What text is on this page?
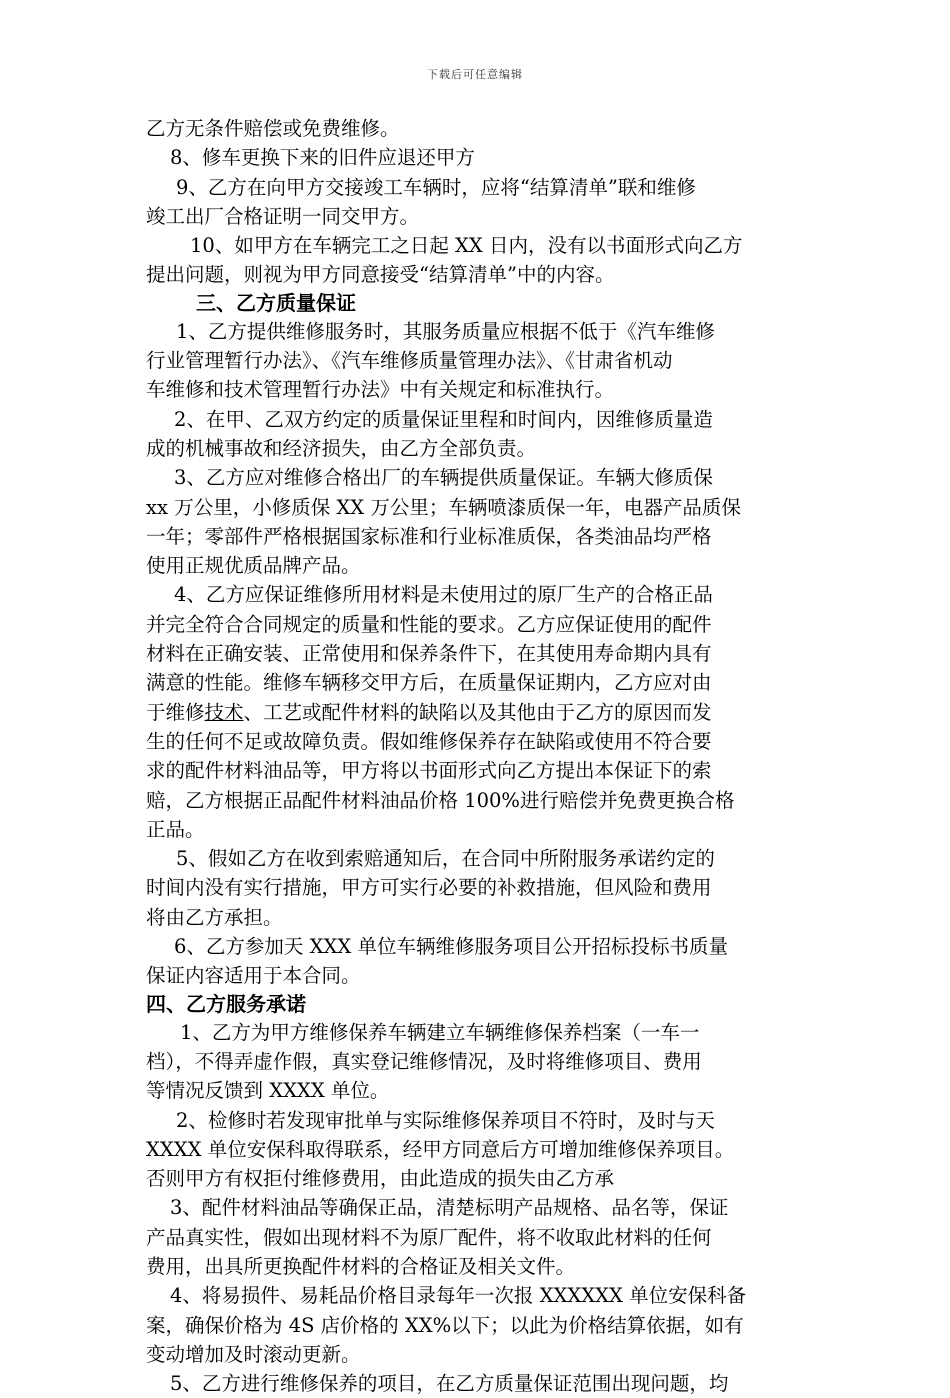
下载后可任意编辑
乙方无条件赔偿或免费维修。
8、修车更换下来的旧件应退还甲方
9、乙方在向甲方交接竣工车辆时，应将“结算清单”联和维修
竣工出厂合格证明一同交甲方。
10、如甲方在车辆完工之日起 XX 日内，没有以书面形式向乙方
提出问题，则视为甲方同意接受“结算清单”中的内容。
三、乙方质量保证
1、乙方提供维修服务时，其服务质量应根据不低于《汽车维修
行业管理暂行办法》、《汽车维修质量管理办法》、《甘肃省机动
车维修和技术管理暂行办法》中有关规定和标准执行。
2、在甲、乙双方约定的质量保证里程和时间内，因维修质量造
成的机械事故和经济损失，由乙方全部负责。
3、乙方应对维修合格出厂的车辆提供质量保证。车辆大修质保
xx 万公里，小修质保 XX 万公里；车辆喷漆质保一年，电器产品质保
一年；零部件严格根据国家标准和行业标准质保，各类油品均严格
使用正规优质品牌产品。
4、乙方应保证维修所用材料是未使用过的原厂生产的合格正品
并完全符合合同规定的质量和性能的要求。乙方应保证使用的配件
材料在正确安装、正常使用和保养条件下，在其使用寿命期内具有
满意的性能。维修车辆移交甲方后，在质量保证期内，乙方应对由
于维修技术、工艺或配件材料的缺陷以及其他由于乙方的原因而发
生的任何不足或故障负责。假如维修保养存在缺陷或使用不符合要
求的配件材料油品等，甲方将以书面形式向乙方提出本保证下的索
赔，乙方根据正品配件材料油品价格 100%进行赔偿并免费更换合格
正品。
5、假如乙方在收到索赔通知后，在合同中所附服务承诺约定的
时间内没有实行措施，甲方可实行必要的补救措施，但风险和费用
将由乙方承担。
6、乙方参加天 XXX 单位车辆维修服务项目公开招标投标书质量
保证内容适用于本合同。
四、乙方服务承诺
1、乙方为甲方维修保养车辆建立车辆维修保养档案（一车一
档），不得弄虚作假，真实登记维修情况，及时将维修项目、费用
等情况反馈到 XXXX 单位。
2、检修时若发现审批单与实际维修保养项目不符时，及时与天
XXXX 单位安保科取得联系，经甲方同意后方可增加维修保养项目。
否则甲方有权拒付维修费用，由此造成的损失由乙方承
3、配件材料油品等确保正品，清楚标明产品规格、品名等，保证
产品真实性，假如出现材料不为原厂配件，将不收取此材料的任何
费用，出具所更换配件材料的合格证及相关文件。
4、将易损件、易耗品价格目录每年一次报 XXXXXX 单位安保科备
案，确保价格为 4S 店价格的 XX%以下；以此为价格结算依据，如有
变动增加及时滚动更新。
5、乙方进行维修保养的项目，在乙方质量保证范围出现问题，均
